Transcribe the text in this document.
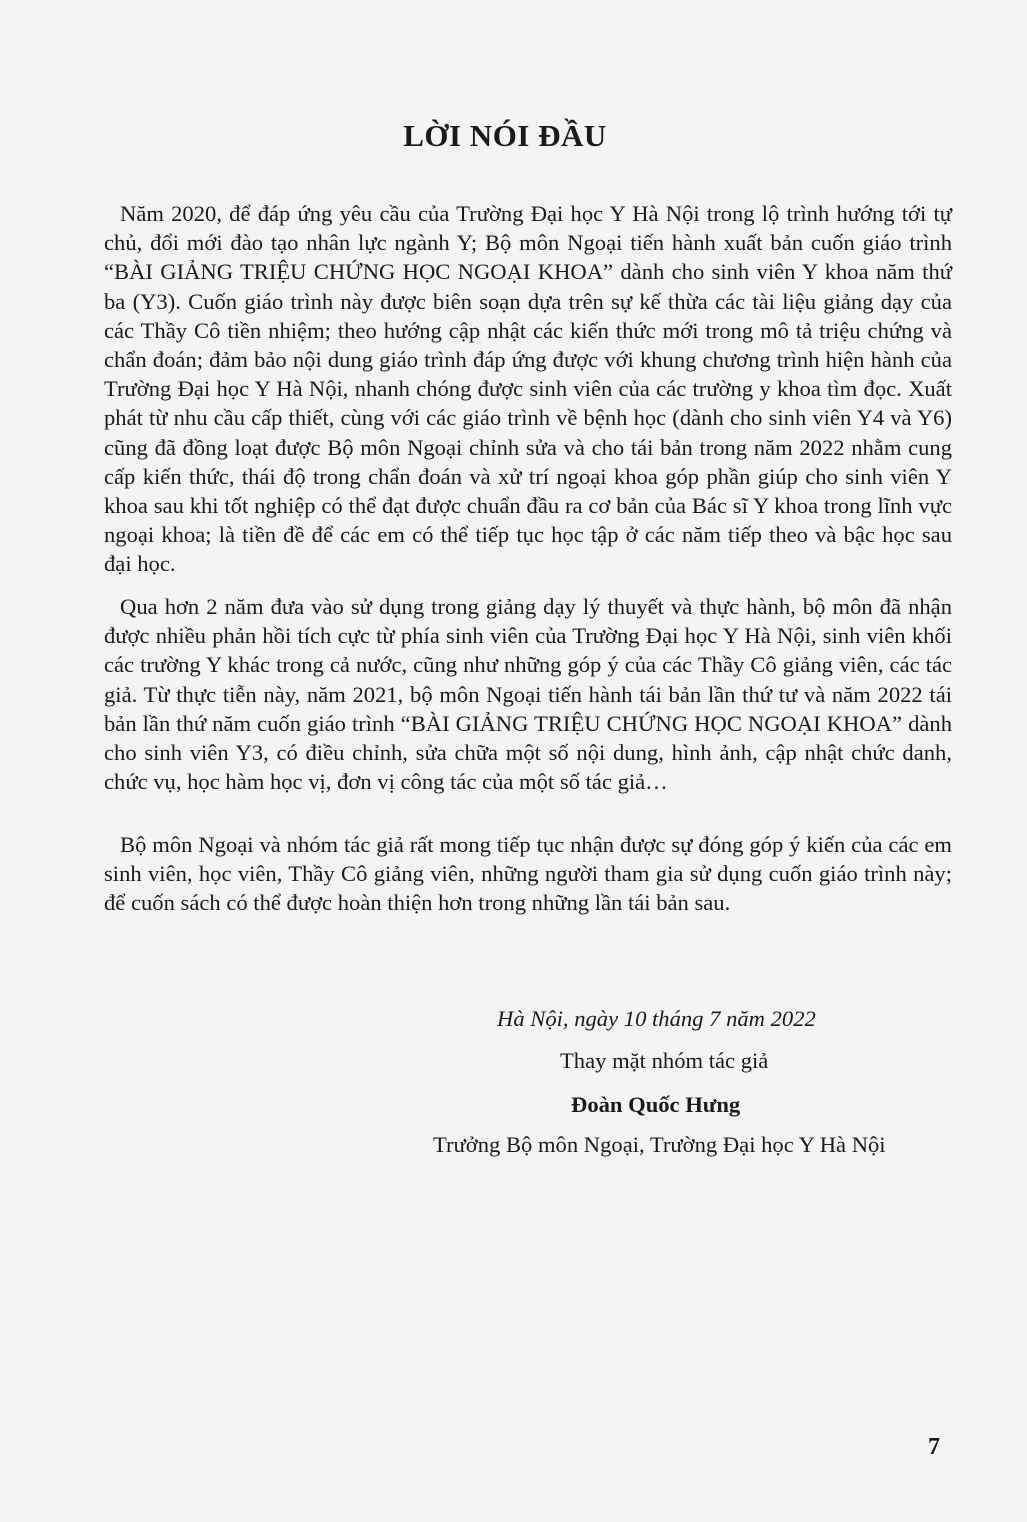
LỜI NÓI ĐẦU

Năm 2020, để đáp ứng yêu cầu của Trường Đại học Y Hà Nội trong lộ trình hướng tới tự chủ, đổi mới đào tạo nhân lực ngành Y; Bộ môn Ngoại tiến hành xuất bản cuốn giáo trình “BÀI GIẢNG TRIỆU CHỨNG HỌC NGOẠI KHOA” dành cho sinh viên Y khoa năm thứ ba (Y3). Cuốn giáo trình này được biên soạn dựa trên sự kế thừa các tài liệu giảng dạy của các Thầy Cô tiền nhiệm; theo hướng cập nhật các kiến thức mới trong mô tả triệu chứng và chẩn đoán; đảm bảo nội dung giáo trình đáp ứng được với khung chương trình hiện hành của Trường Đại học Y Hà Nội, nhanh chóng được sinh viên của các trường y khoa tìm đọc. Xuất phát từ nhu cầu cấp thiết, cùng với các giáo trình về bệnh học (dành cho sinh viên Y4 và Y6) cũng đã đồng loạt được Bộ môn Ngoại chỉnh sửa và cho tái bản trong năm 2022 nhằm cung cấp kiến thức, thái độ trong chẩn đoán và xử trí ngoại khoa góp phần giúp cho sinh viên Y khoa sau khi tốt nghiệp có thể đạt được chuẩn đầu ra cơ bản của Bác sĩ Y khoa trong lĩnh vực ngoại khoa; là tiền đề để các em có thể tiếp tục học tập ở các năm tiếp theo và bậc học sau đại học.

Qua hơn 2 năm đưa vào sử dụng trong giảng dạy lý thuyết và thực hành, bộ môn đã nhận được nhiều phản hồi tích cực từ phía sinh viên của Trường Đại học Y Hà Nội, sinh viên khối các trường Y khác trong cả nước, cũng như những góp ý của các Thầy Cô giảng viên, các tác giả. Từ thực tiễn này, năm 2021, bộ môn Ngoại tiến hành tái bản lần thứ tư và năm 2022 tái bản lần thứ năm cuốn giáo trình “BÀI GIẢNG TRIỆU CHỨNG HỌC NGOẠI KHOA” dành cho sinh viên Y3, có điều chỉnh, sửa chữa một số nội dung, hình ảnh, cập nhật chức danh, chức vụ, học hàm học vị, đơn vị công tác của một số tác giả…

Bộ môn Ngoại và nhóm tác giả rất mong tiếp tục nhận được sự đóng góp ý kiến của các em sinh viên, học viên, Thầy Cô giảng viên, những người tham gia sử dụng cuốn giáo trình này; để cuốn sách có thể được hoàn thiện hơn trong những lần tái bản sau.

Hà Nội, ngày 10 tháng 7 năm 2022
Thay mặt nhóm tác giả
Đoàn Quốc Hưng
Trưởng Bộ môn Ngoại, Trường Đại học Y Hà Nội
7
